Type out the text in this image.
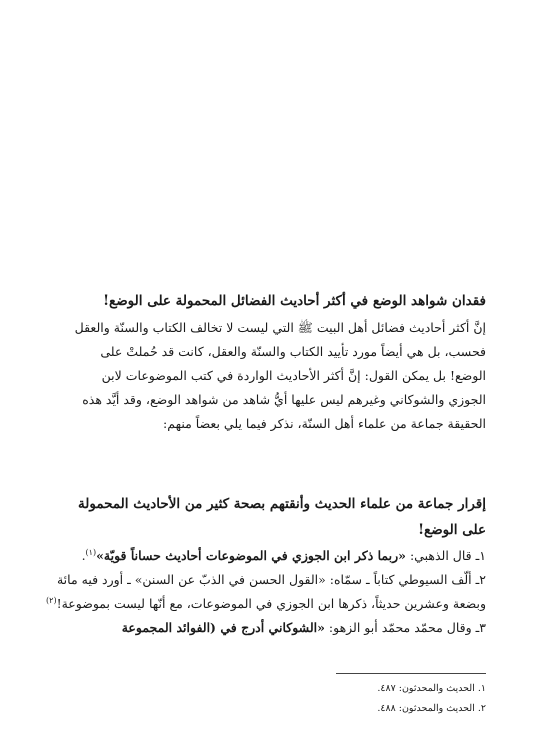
فقدان شواهد الوضع في أكثر أحاديث الفضائل المحمولة على الوضع!
إنَّ أكثر أحاديث فضائل أهل البيت ﷺ التي ليست لا تخالف الكتاب والسنّة والعقل
فحسب، بل هي أيضاً مورد تأييد الكتاب والسنّة والعقل، كانت قد حُملتْ على
الوضع! بل يمكن القول: إنَّ أكثر الأحاديث الواردة في كتب الموضوعات لابن
الجوزي والشوكاني وغيرهم ليس عليها أيُّ شاهد من شواهد الوضع، وقد أيَّد هذه
الحقيقة جماعة من علماء أهل السنّة، نذكر فيما يلي بعضاً منهم:
إقرار جماعة من علماء الحديث وأنقتهم بصحة كثير من الأحاديث المحمولة
على الوضع!
١ـ قال الذهبي: «ربما ذكر ابن الجوزي في الموضوعات أحاديث حساناً قويّة»$^{(١)}$.
٢ـ ألّف السيوطي كتاباً ـ سمّاه: «القول الحسن في الذبّ عن السنن» ـ أورد فيه مائة
وبضعة وعشرين حديثاً، ذكرها ابن الجوزي في الموضوعات، مع أنّها ليست بموضوعة!$^{(٢)}$
٣ـ وقال محمّد محمّد أبو الزهو: «الشوكاني أدرج في (الفوائد المجموعة
١. الحديث والمحدثون: ٤٨٧.
٢. الحديث والمحدثون: ٤٨٨.
